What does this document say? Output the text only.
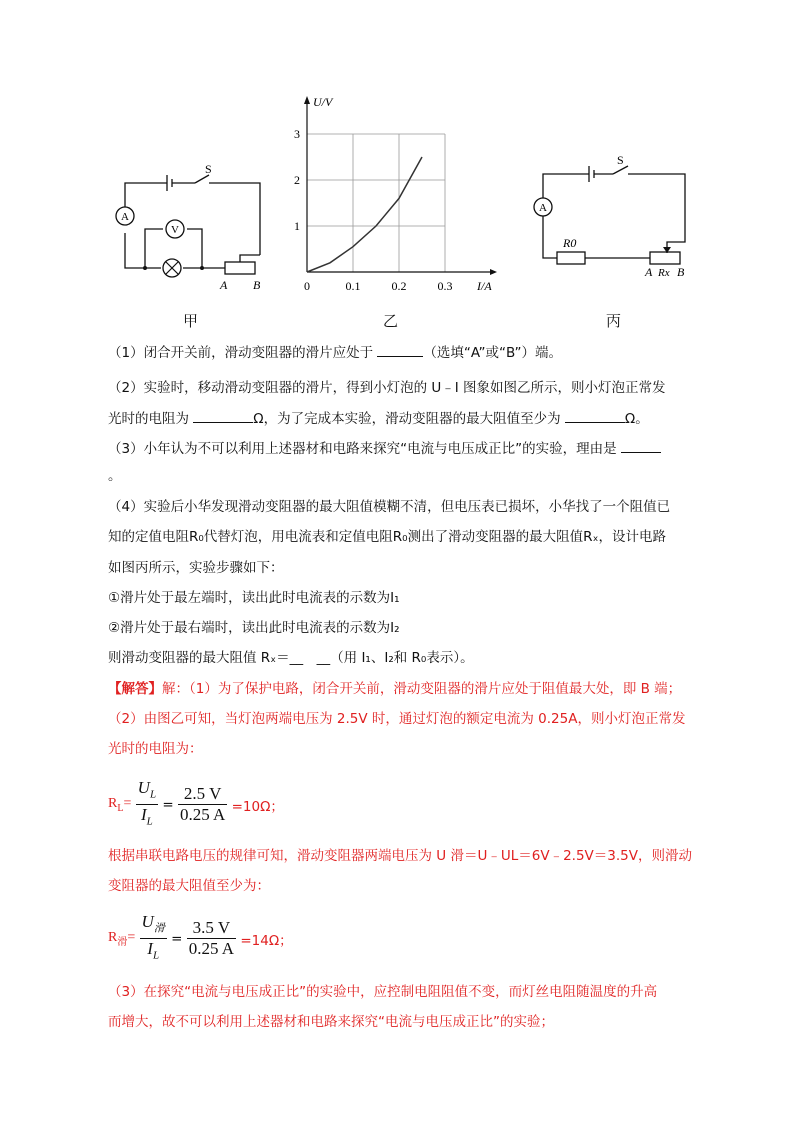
A
V
S
A B
甲
0	0.1	0.2	0.3
1
2
3
U/V
I/A
乙
A
S
R0
A Rx B
丙
（1）闭合开关前，滑动变阻器的滑片应处于	（选填“A”或“B”）端。
（2）实验时，移动滑动变阻器的滑片，得到小灯泡的 U﹣I 图象如图乙所示，则小灯泡正常发
光时的电阻为	Ω，为了完成本实验，滑动变阻器的最大阻值至少为	Ω。
（3）小年认为不可以利用上述器材和电路来探究“电流与电压成正比”的实验，理由是
。
（4）实验后小华发现滑动变阻器的最大阻值模糊不清，但电压表已损坏，小华找了一个阻值已
知的定值电阻R₀代替灯泡，用电流表和定值电阻R₀测出了滑动变阻器的最大阻值Rₓ，设计电路
如图丙所示，实验步骤如下：
①滑片处于最左端时，读出此时电流表的示数为I₁
②滑片处于最右端时，读出此时电流表的示数为I₂
则滑动变阻器的最大阻值 Rₓ＝__　__（用 I₁、I₂和 R₀表示）。
【解答】解：（1）为了保护电路，闭合开关前，滑动变阻器的滑片应处于阻值最大处，即 B 端；
（2）由图乙可知，当灯泡两端电压为 2.5V 时，通过灯泡的额定电流为 0.25A，则小灯泡正常发
光时的电阻为：
$R_L= \frac{U_L}{I_L} = \frac{2.5 V}{0.25 A} =10\Omega$；
根据串联电路电压的规律可知，滑动变阻器两端电压为 U 滑＝U﹣UL＝6V﹣2.5V＝3.5V，则滑动
变阻器的最大阻值至少为：
$R_滑= \frac{U_滑}{I_L} = \frac{3.5 V}{0.25 A} =14\Omega$；
（3）在探究“电流与电压成正比”的实验中，应控制电阻阻值不变，而灯丝电阻随温度的升高
而增大，故不可以利用上述器材和电路来探究“电流与电压成正比”的实验；
